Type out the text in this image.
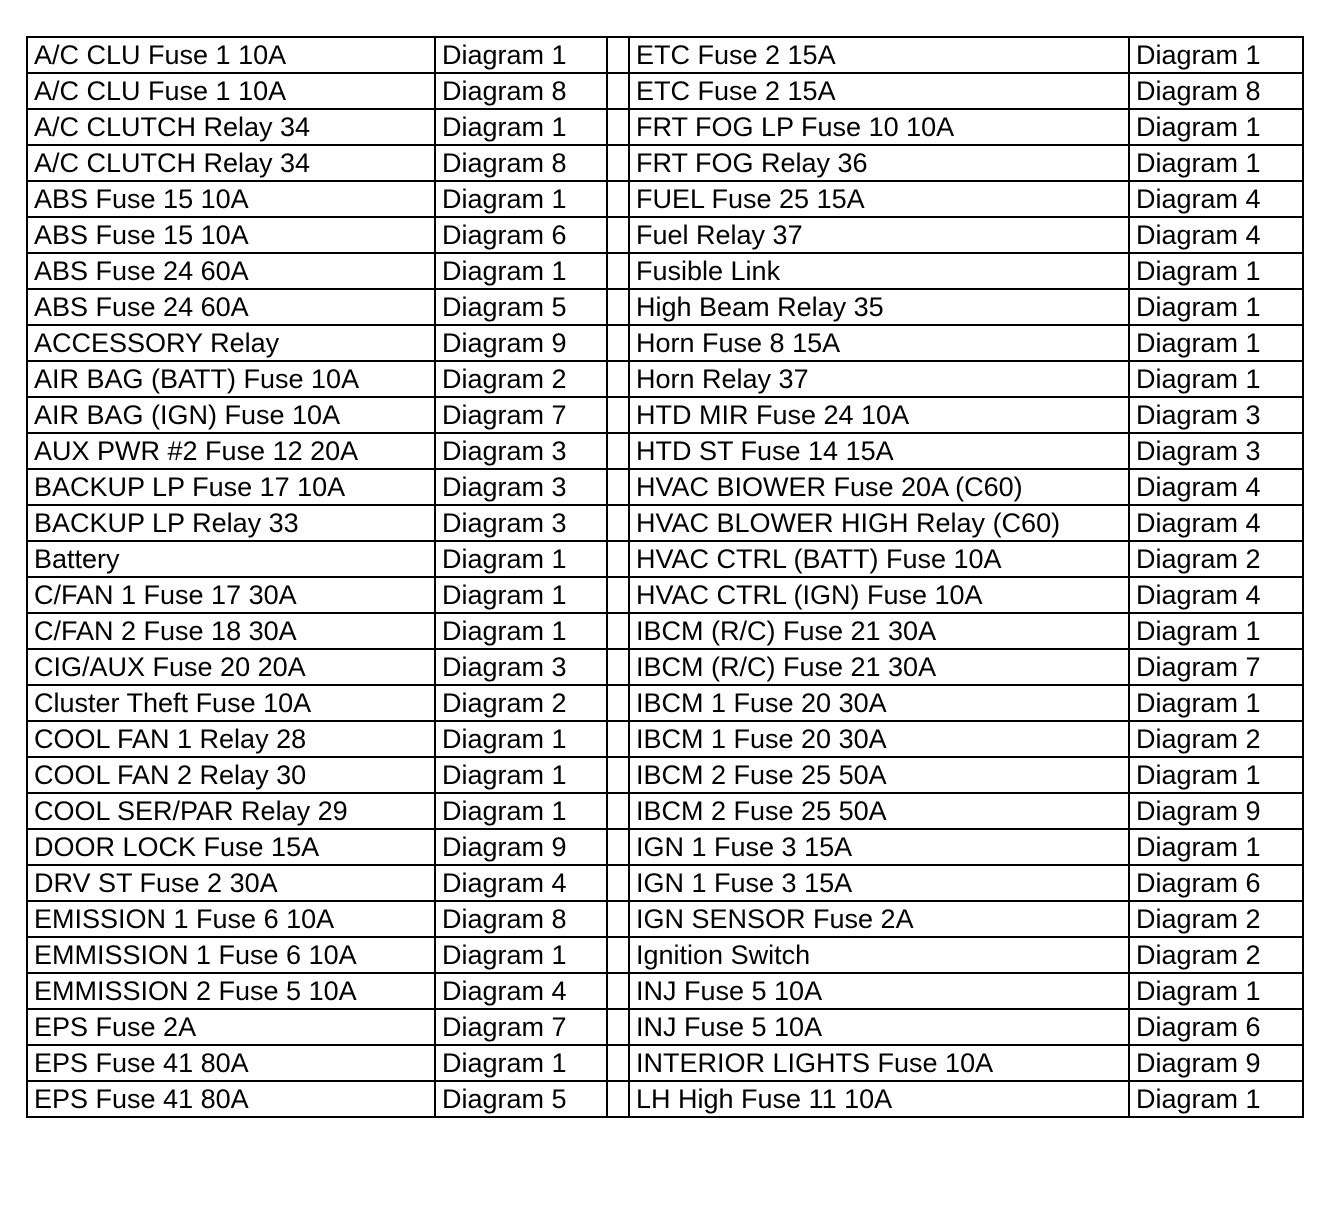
A/C CLU Fuse 1 10A	Diagram 1		ETC Fuse 2 15A	Diagram 1
A/C CLU Fuse 1 10A	Diagram 8		ETC Fuse 2 15A	Diagram 8
A/C CLUTCH Relay 34	Diagram 1		FRT FOG LP Fuse 10 10A	Diagram 1
A/C CLUTCH Relay 34	Diagram 8		FRT FOG Relay 36	Diagram 1
ABS Fuse 15 10A	Diagram 1		FUEL Fuse 25 15A	Diagram 4
ABS Fuse 15 10A	Diagram 6		Fuel Relay 37	Diagram 4
ABS Fuse 24 60A	Diagram 1		Fusible Link	Diagram 1
ABS Fuse 24 60A	Diagram 5		High Beam Relay 35	Diagram 1
ACCESSORY Relay	Diagram 9		Horn Fuse 8 15A	Diagram 1
AIR BAG (BATT) Fuse 10A	Diagram 2		Horn Relay 37	Diagram 1
AIR BAG (IGN) Fuse 10A	Diagram 7		HTD MIR Fuse 24 10A	Diagram 3
AUX PWR #2 Fuse 12 20A	Diagram 3		HTD ST Fuse 14 15A	Diagram 3
BACKUP LP Fuse 17 10A	Diagram 3		HVAC BIOWER Fuse 20A (C60)	Diagram 4
BACKUP LP Relay 33	Diagram 3		HVAC BLOWER HIGH Relay (C60)	Diagram 4
Battery	Diagram 1		HVAC CTRL (BATT) Fuse 10A	Diagram 2
C/FAN 1 Fuse 17 30A	Diagram 1		HVAC CTRL (IGN) Fuse 10A	Diagram 4
C/FAN 2 Fuse 18 30A	Diagram 1		IBCM (R/C) Fuse 21 30A	Diagram 1
CIG/AUX Fuse 20 20A	Diagram 3		IBCM (R/C) Fuse 21 30A	Diagram 7
Cluster Theft Fuse 10A	Diagram 2		IBCM 1 Fuse 20 30A	Diagram 1
COOL FAN 1 Relay 28	Diagram 1		IBCM 1 Fuse 20 30A	Diagram 2
COOL FAN 2 Relay 30	Diagram 1		IBCM 2 Fuse 25 50A	Diagram 1
COOL SER/PAR Relay 29	Diagram 1		IBCM 2 Fuse 25 50A	Diagram 9
DOOR LOCK Fuse 15A	Diagram 9		IGN 1 Fuse 3 15A	Diagram 1
DRV ST Fuse 2 30A	Diagram 4		IGN 1 Fuse 3 15A	Diagram 6
EMISSION 1 Fuse 6 10A	Diagram 8		IGN SENSOR Fuse 2A	Diagram 2
EMMISSION 1 Fuse 6 10A	Diagram 1		Ignition Switch	Diagram 2
EMMISSION 2 Fuse 5 10A	Diagram 4		INJ Fuse 5 10A	Diagram 1
EPS Fuse 2A	Diagram 7		INJ Fuse 5 10A	Diagram 6
EPS Fuse 41 80A	Diagram 1		INTERIOR LIGHTS Fuse 10A	Diagram 9
EPS Fuse 41 80A	Diagram 5		LH High Fuse 11 10A	Diagram 1
